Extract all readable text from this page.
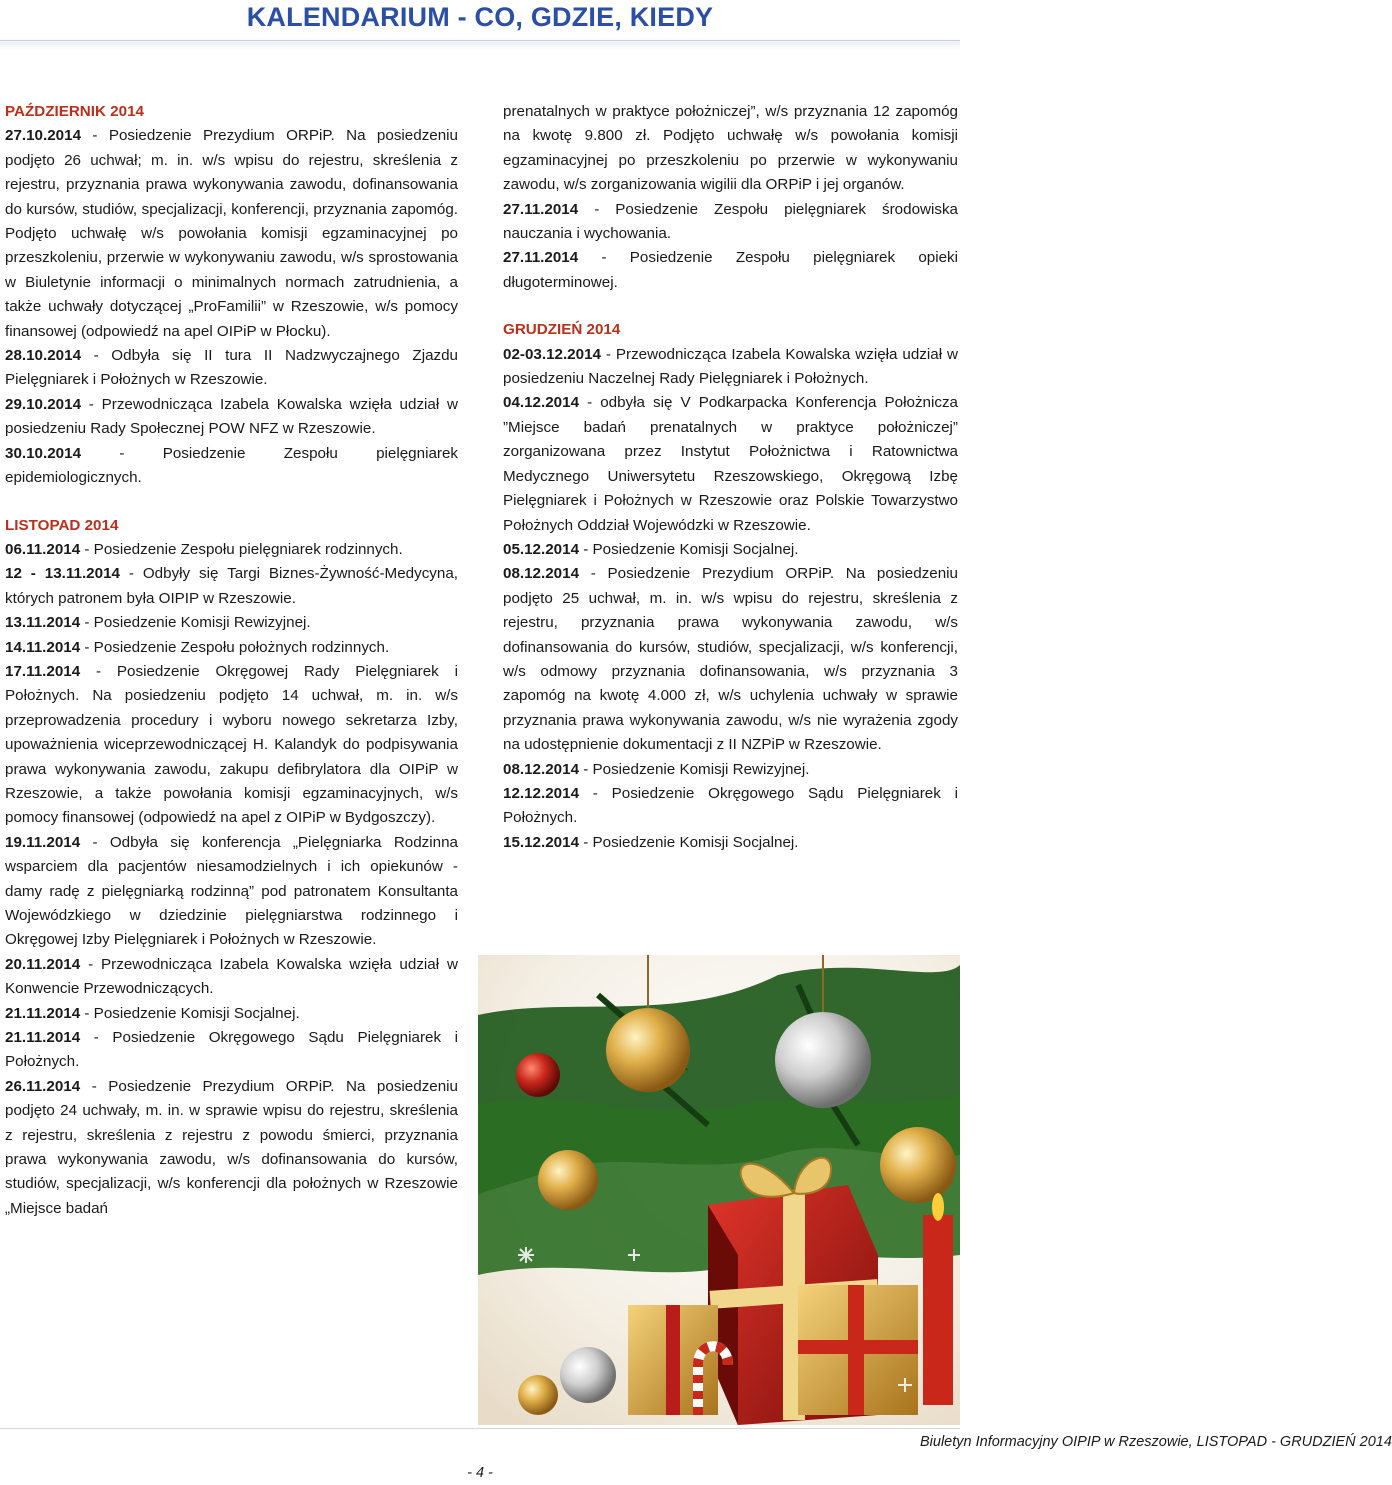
KALENDARIUM - CO, GDZIE, KIEDY

PAŹDZIERNIK 2014

27.10.2014 - Posiedzenie Prezydium ORPiP. Na posiedzeniu podjęto 26 uchwał; m. in. w/s wpisu do rejestru, skreślenia z rejestru, przyznania prawa wykonywania zawodu, dofinansowania do kursów, studiów, specjalizacji, konferencji, przyznania zapomóg. Podjęto uchwałę w/s powołania komisji egzaminacyjnej po przeszkoleniu, przerwie w wykonywaniu zawodu, w/s sprostowania w Biuletynie informacji o minimalnych normach zatrudnienia, a także uchwały dotyczącej „ProFamilii” w Rzeszowie, w/s pomocy finansowej (odpowiedź na apel OIPiP w Płocku).

28.10.2014 - Odbyła się II tura II Nadzwyczajnego Zjazdu Pielęgniarek i Położnych w Rzeszowie.

29.10.2014 - Przewodnicząca Izabela Kowalska wzięła udział w posiedzeniu Rady Społecznej POW NFZ w Rzeszowie.

30.10.2014 - Posiedzenie Zespołu pielęgniarek epidemiologicznych.

LISTOPAD 2014

06.11.2014 - Posiedzenie Zespołu pielęgniarek rodzinnych.

12 - 13.11.2014 - Odbyły się Targi Biznes-Żywność-Medycyna, których patronem była OIPIP w Rzeszowie.

13.11.2014 - Posiedzenie Komisji Rewizyjnej.

14.11.2014 - Posiedzenie Zespołu położnych rodzinnych.

17.11.2014 - Posiedzenie Okręgowej Rady Pielęgniarek i Położnych. Na posiedzeniu podjęto 14 uchwał, m. in. w/s przeprowadzenia procedury i wyboru nowego sekretarza Izby, upoważnienia wiceprzewodniczącej H. Kalandyk do podpisywania prawa wykonywania zawodu, zakupu defibrylatora dla OIPiP w Rzeszowie, a także powołania komisji egzaminacyjnych, w/s pomocy finansowej (odpowiedź na apel z OIPiP w Bydgoszczy).

19.11.2014 - Odbyła się konferencja „Pielęgniarka Rodzinna wsparciem dla pacjentów niesamodzielnych i ich opiekunów - damy radę z pielęgniarką rodzinną” pod patronatem Konsultanta Wojewódzkiego w dziedzinie pielęgniarstwa rodzinnego i Okręgowej Izby Pielęgniarek i Położnych w Rzeszowie.

20.11.2014 - Przewodnicząca Izabela Kowalska wzięła udział w Konwencie Przewodniczących.

21.11.2014 - Posiedzenie Komisji Socjalnej.

21.11.2014 - Posiedzenie Okręgowego Sądu Pielęgniarek i Położnych.

26.11.2014 - Posiedzenie Prezydium ORPiP. Na posiedzeniu podjęto 24 uchwały, m. in. w sprawie wpisu do rejestru, skreślenia z rejestru, skreślenia z rejestru z powodu śmierci, przyznania prawa wykonywania zawodu, w/s dofinansowania do kursów, studiów, specjalizacji, w/s konferencji dla położnych w Rzeszowie „Miejsce badań

prenatalnych w praktyce położniczej”, w/s przyznania 12 zapomóg na kwotę 9.800 zł. Podjęto uchwałę w/s powołania komisji egzaminacyjnej po przeszkoleniu po przerwie w wykonywaniu zawodu, w/s zorganizowania wigilii dla ORPiP i jej organów.

27.11.2014 - Posiedzenie Zespołu pielęgniarek środowiska nauczania i wychowania.

27.11.2014 - Posiedzenie Zespołu pielęgniarek opieki długoterminowej.

GRUDZIEŃ 2014

02-03.12.2014 - Przewodnicząca Izabela Kowalska wzięła udział w posiedzeniu Naczelnej Rady Pielęgniarek i Położnych.

04.12.2014 - odbyła się V Podkarpacka Konferencja Położnicza ”Miejsce badań prenatalnych w praktyce położniczej” zorganizowana przez Instytut Położnictwa i Ratownictwa Medycznego Uniwersytetu Rzeszowskiego, Okręgową Izbę Pielęgniarek i Położnych w Rzeszowie oraz Polskie Towarzystwo Położnych Oddział Wojewódzki w Rzeszowie.

05.12.2014 - Posiedzenie Komisji Socjalnej.

08.12.2014 - Posiedzenie Prezydium ORPiP. Na posiedzeniu podjęto 25 uchwał, m. in. w/s wpisu do rejestru, skreślenia z rejestru, przyznania prawa wykonywania zawodu, w/s dofinansowania do kursów, studiów, specjalizacji, w/s konferencji, w/s odmowy przyznania dofinansowania, w/s przyznania 3 zapomóg na kwotę 4.000 zł, w/s uchylenia uchwały w sprawie przyznania prawa wykonywania zawodu, w/s nie wyrażenia zgody na udostępnienie dokumentacji z II NZPiP w Rzeszowie.

08.12.2014 - Posiedzenie Komisji Rewizyjnej.

12.12.2014 - Posiedzenie Okręgowego Sądu Pielęgniarek i Położnych.

15.12.2014 - Posiedzenie Komisji Socjalnej.

Biuletyn Informacyjny OIPIP w Rzeszowie, LISTOPAD - GRUDZIEŃ 2014
- 4 -
